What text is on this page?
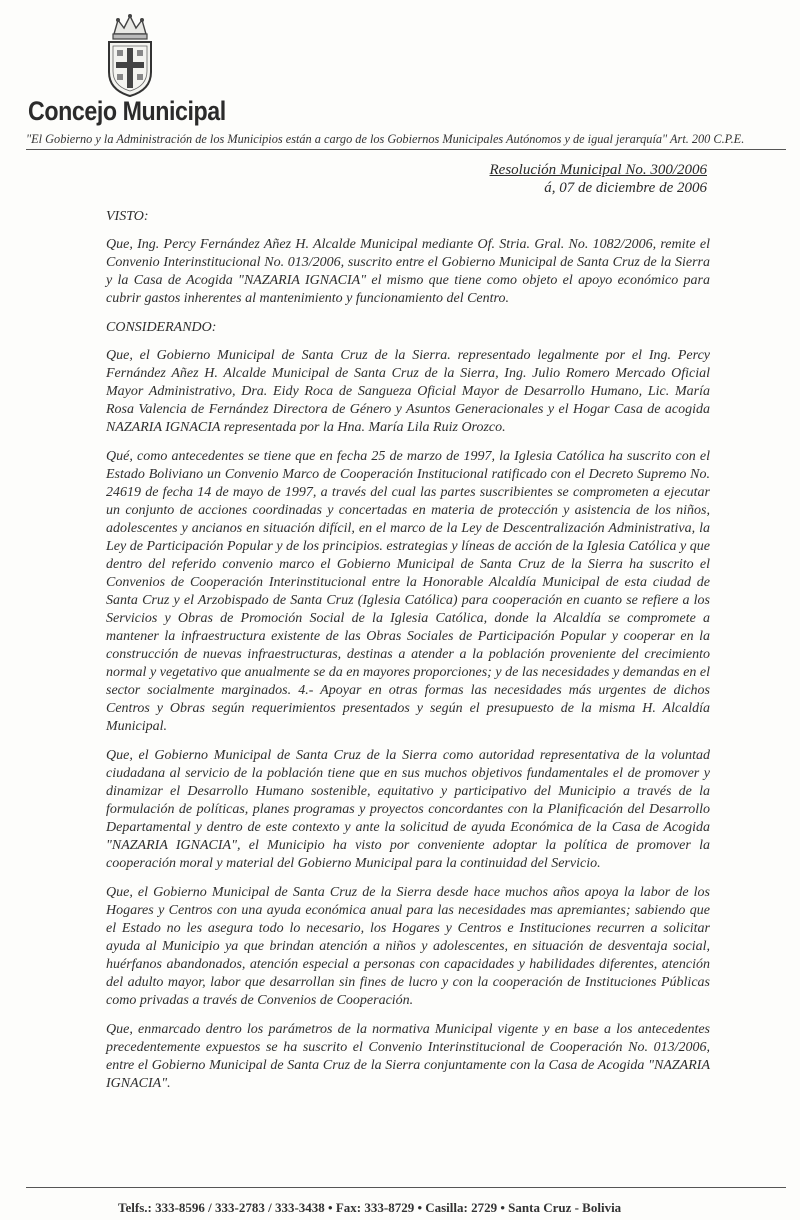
Concejo Municipal
"El Gobierno y la Administración de los Municipios están a cargo de los Gobiernos Municipales Autónomos y de igual jerarquía" Art. 200 C.P.E.
Resolución Municipal No. 300/2006
á, 07 de diciembre de 2006

VISTO:

Que, Ing. Percy Fernández Añez H. Alcalde Municipal mediante Of. Stria. Gral. No. 1082/2006, remite el Convenio Interinstitucional No. 013/2006, suscrito entre el Gobierno Municipal de Santa Cruz de la Sierra y la Casa de Acogida "NAZARIA IGNACIA" el mismo que tiene como objeto el apoyo económico para cubrir gastos inherentes al mantenimiento y funcionamiento del Centro.

CONSIDERANDO:

Que, el Gobierno Municipal de Santa Cruz de la Sierra. representado legalmente por el Ing. Percy Fernández Añez H. Alcalde Municipal de Santa Cruz de la Sierra, Ing. Julio Romero Mercado Oficial Mayor Administrativo, Dra. Eidy Roca de Sangueza Oficial Mayor de Desarrollo Humano, Lic. María Rosa Valencia de Fernández Directora de Género y Asuntos Generacionales y el Hogar Casa de acogida NAZARIA IGNACIA representada por la Hna. María Lila Ruiz Orozco.

Qué, como antecedentes se tiene que en fecha 25 de marzo de 1997, la Iglesia Católica ha suscrito con el Estado Boliviano un Convenio Marco de Cooperación Institucional ratificado con el Decreto Supremo No. 24619 de fecha 14 de mayo de 1997, a través del cual las partes suscribientes se comprometen a ejecutar un conjunto de acciones coordinadas y concertadas en materia de protección y asistencia de los niños, adolescentes y ancianos en situación difícil, en el marco de la Ley de Descentralización Administrativa, la Ley de Participación Popular y de los principios. estrategias y líneas de acción de la Iglesia Católica y que dentro del referido convenio marco el Gobierno Municipal de Santa Cruz de la Sierra ha suscrito el Convenios de Cooperación Interinstitucional entre la Honorable Alcaldía Municipal de esta ciudad de Santa Cruz y el Arzobispado de Santa Cruz (Iglesia Católica) para cooperación en cuanto se refiere a los Servicios y Obras de Promoción Social de la Iglesia Católica, donde la Alcaldía se compromete a mantener la infraestructura existente de las Obras Sociales de Participación Popular y cooperar en la construcción de nuevas infraestructuras, destinas a atender a la población proveniente del crecimiento normal y vegetativo que anualmente se da en mayores proporciones; y de las necesidades y demandas en el sector socialmente marginados. 4.- Apoyar en otras formas las necesidades más urgentes de dichos Centros y Obras según requerimientos presentados y según el presupuesto de la misma H. Alcaldía Municipal.

Que, el Gobierno Municipal de Santa Cruz de la Sierra como autoridad representativa de la voluntad ciudadana al servicio de la población tiene que en sus muchos objetivos fundamentales el de promover y dinamizar el Desarrollo Humano sostenible, equitativo y participativo del Municipio a través de la formulación de políticas, planes programas y proyectos concordantes con la Planificación del Desarrollo Departamental y dentro de este contexto y ante la solicitud de ayuda Económica de la Casa de Acogida "NAZARIA IGNACIA", el Municipio ha visto por conveniente adoptar la política de promover la cooperación moral y material del Gobierno Municipal para la continuidad del Servicio.

Que, el Gobierno Municipal de Santa Cruz de la Sierra desde hace muchos años apoya la labor de los Hogares y Centros con una ayuda económica anual para las necesidades mas apremiantes; sabiendo que el Estado no les asegura todo lo necesario, los Hogares y Centros e Instituciones recurren a solicitar ayuda al Municipio ya que brindan atención a niños y adolescentes, en situación de desventaja social, huérfanos abandonados, atención especial a personas con capacidades y habilidades diferentes, atención del adulto mayor, labor que desarrollan sin fines de lucro y con la cooperación de Instituciones Públicas como privadas a través de Convenios de Cooperación.

Que, enmarcado dentro los parámetros de la normativa Municipal vigente y en base a los antecedentes precedentemente expuestos se ha suscrito el Convenio Interinstitucional de Cooperación No. 013/2006, entre el Gobierno Municipal de Santa Cruz de la Sierra conjuntamente con la Casa de Acogida "NAZARIA IGNACIA".

Telfs.: 333-8596 / 333-2783 / 333-3438 • Fax: 333-8729 • Casilla: 2729 • Santa Cruz - Bolivia
